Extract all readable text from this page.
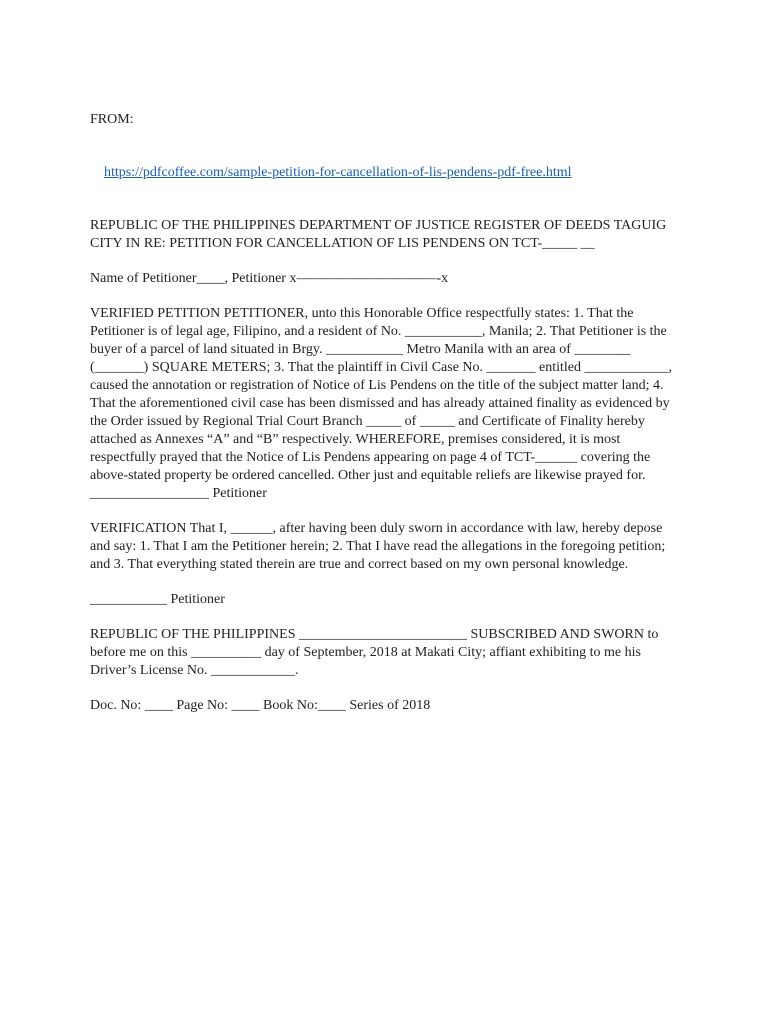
FROM:

https://pdfcoffee.com/sample-petition-for-cancellation-of-lis-pendens-pdf-free.html

REPUBLIC OF THE PHILIPPINES DEPARTMENT OF JUSTICE REGISTER OF DEEDS TAGUIG CITY IN RE: PETITION FOR CANCELLATION OF LIS PENDENS ON TCT-_____ __

Name of Petitioner____, Petitioner x——————————-x

VERIFIED PETITION PETITIONER, unto this Honorable Office respectfully states: 1. That the Petitioner is of legal age, Filipino, and a resident of No. ___________, Manila; 2. That Petitioner is the buyer of a parcel of land situated in Brgy. ___________ Metro Manila with an area of ________ (_______) SQUARE METERS; 3. That the plaintiff in Civil Case No. _______ entitled ____________, caused the annotation or registration of Notice of Lis Pendens on the title of the subject matter land; 4. That the aforementioned civil case has been dismissed and has already attained finality as evidenced by the Order issued by Regional Trial Court Branch _____ of _____ and Certificate of Finality hereby attached as Annexes “A” and “B” respectively. WHEREFORE, premises considered, it is most respectfully prayed that the Notice of Lis Pendens appearing on page 4 of TCT-______ covering the above-stated property be ordered cancelled. Other just and equitable reliefs are likewise prayed for. _________________ Petitioner

VERIFICATION That I, ______, after having been duly sworn in accordance with law, hereby depose and say: 1. That I am the Petitioner herein; 2. That I have read the allegations in the foregoing petition; and 3. That everything stated therein are true and correct based on my own personal knowledge.

___________ Petitioner

REPUBLIC OF THE PHILIPPINES ________________________ SUBSCRIBED AND SWORN to before me on this __________ day of September, 2018 at Makati City; affiant exhibiting to me his Driver’s License No. ____________.

Doc. No: ____ Page No: ____ Book No:____ Series of 2018
